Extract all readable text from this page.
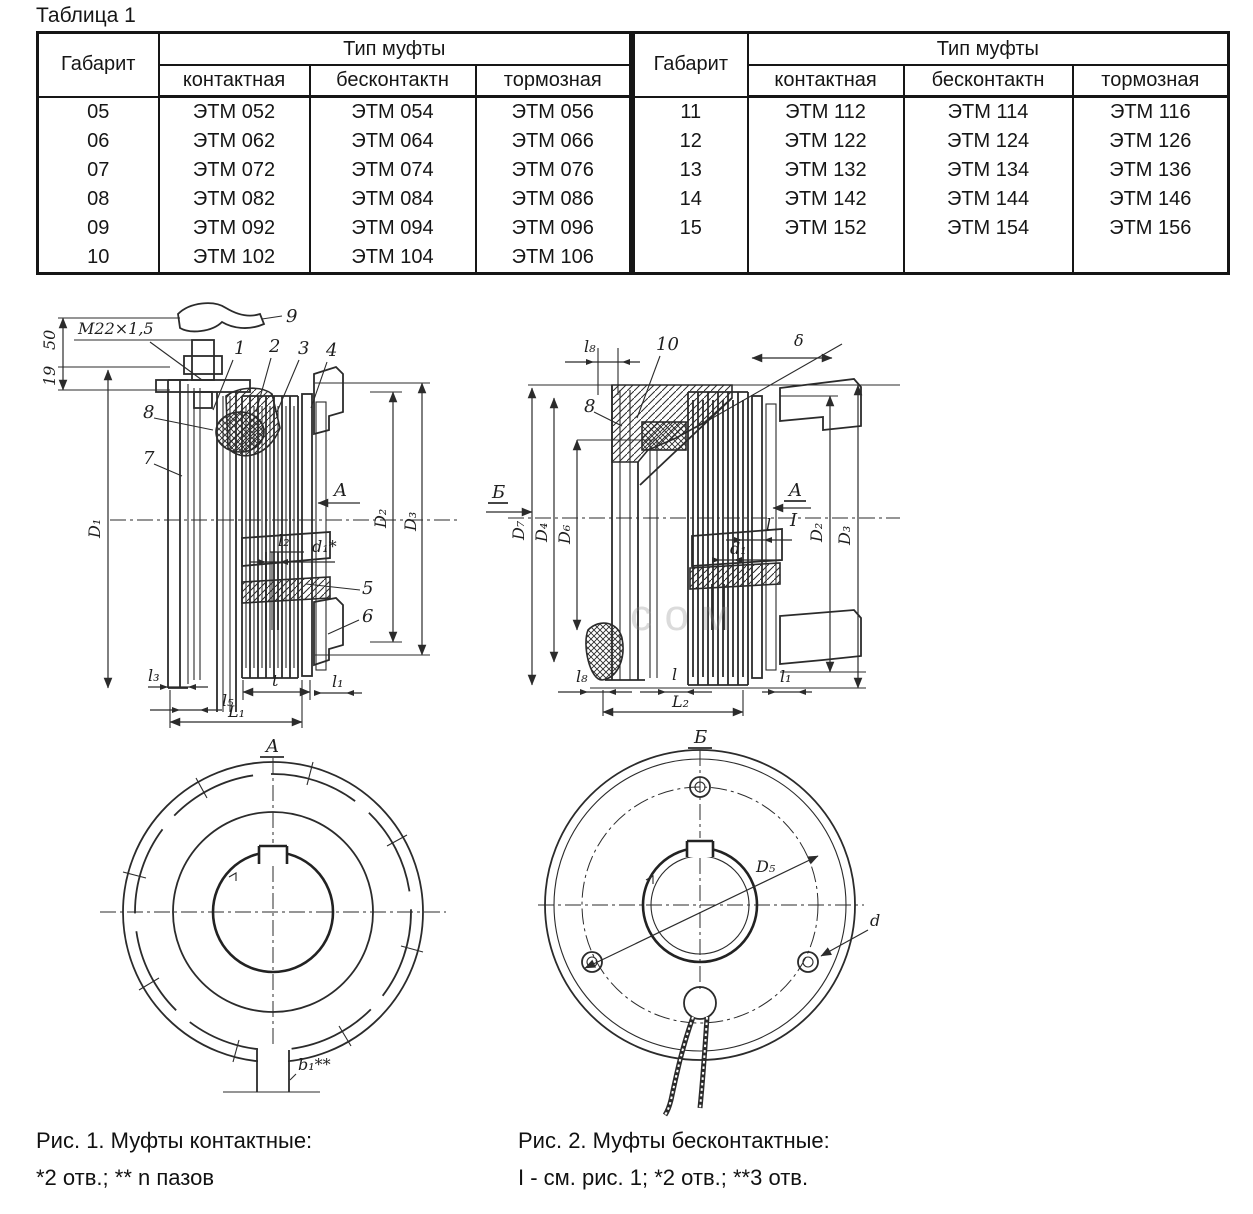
Таблица 1
Габарит	Тип муфты		
	контактная	бесконтактн	тормозная
05	ЭТМ 052	ЭТМ 054	ЭТМ 056
06	ЭТМ 062	ЭТМ 064	ЭТМ 066
07	ЭТМ 072	ЭТМ 074	ЭТМ 076
08	ЭТМ 082	ЭТМ 084	ЭТМ 086
09	ЭТМ 092	ЭТМ 094	ЭТМ 096
10	ЭТМ 102	ЭТМ 104	ЭТМ 106
Габарит	Тип муфты		
	контактная	бесконтактн	тормозная
11	ЭТМ 112	ЭТМ 114	ЭТМ 116
12	ЭТМ 122	ЭТМ 124	ЭТМ 126
13	ЭТМ 132	ЭТМ 134	ЭТМ 136
14	ЭТМ 142	ЭТМ 144	ЭТМ 146
15	ЭТМ 152	ЭТМ 154	ЭТМ 156

50
19
M22×1,5
9
1 2 3 4
8
7
l₂ d₁*
A
5
6
D₁
D₂ D₃
l₃	t	l₁
l₅
L₁
A
b₁**
l₈	10	δ
8
Б
D₇ D₄ D₆
A
I
l
d₁
D₂ D₃
l₈	l	l₁
L₂
сом
Б
D₅
d
Рис. 1. Муфты контактные:
*2 отв.; ** n пазов
Рис. 2. Муфты бесконтактные:
I - см. рис. 1; *2 отв.; **3 отв.
